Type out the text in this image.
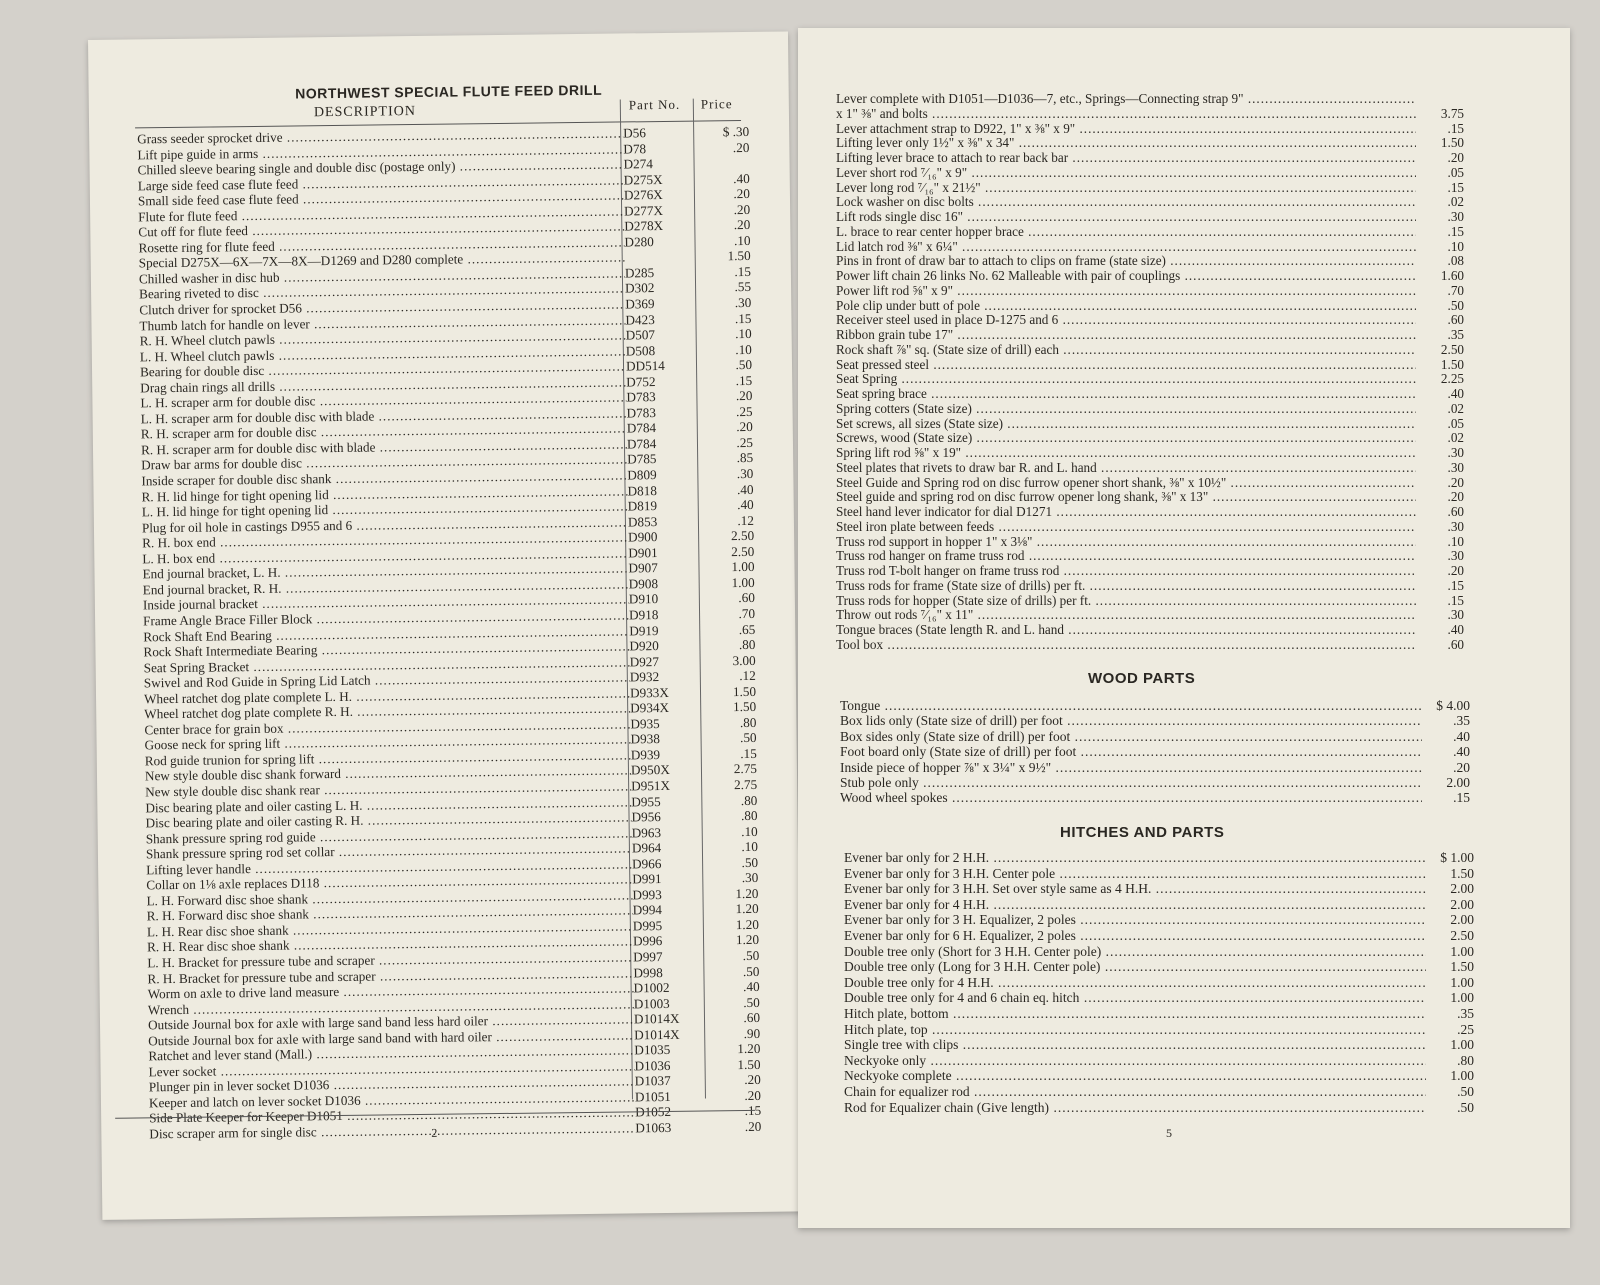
NORTHWEST SPECIAL FLUTE FEED DRILL
DESCRIPTION	Part No. Price
Grass seeder sprocket drive .....	D56	$ .30
Lift pipe guide in arms .....	D78	.20
Chilled sleeve bearing single and double disc (postage only) .....	D274
Large side feed case flute feed .....	D275X	.40
Small side feed case flute feed .....	D276X	.20
Flute for flute feed .....	D277X	.20
Cut off for flute feed .....	D278X	.20
Rosette ring for flute feed .....	D280	.10
Special D275X—6X—7X—8X—D1269 and D280 complete .....	1.50
Chilled washer in disc hub .....	D285	.15
Bearing riveted to disc .....	D302	.55
Clutch driver for sprocket D56 .....	D369	.30
Thumb latch for handle on lever .....	D423	.15
R. H. Wheel clutch pawls .....	D507	.10
L. H. Wheel clutch pawls .....	D508	.10
Bearing for double disc .....	DD514	.50
Drag chain rings all drills .....	D752	.15
L. H. scraper arm for double disc .....	D783	.20
L. H. scraper arm for double disc with blade .....	D783	.25
R. H. scraper arm for double disc .....	D784	.20
R. H. scraper arm for double disc with blade .....	D784	.25
Draw bar arms for double disc .....	D785	.85
Inside scraper for double disc shank .....	D809	.30
R. H. lid hinge for tight opening lid .....	D818	.40
L. H. lid hinge for tight opening lid .....	D819	.40
Plug for oil hole in castings D955 and 6 .....	D853	.12
R. H. box end .....	D900	2.50
L. H. box end .....	D901	2.50
End journal bracket, L. H. .....	D907	1.00
End journal bracket, R. H. .....	D908	1.00
Inside journal bracket .....	D910	.60
Frame Angle Brace Filler Block .....	D918	.70
Rock Shaft End Bearing .....	D919	.65
Rock Shaft Intermediate Bearing .....	D920	.80
Seat Spring Bracket .....	D927	3.00
Swivel and Rod Guide in Spring Lid Latch .....	D932	.12
Wheel ratchet dog plate complete L. H. .....	D933X	1.50
Wheel ratchet dog plate complete R. H. .....	D934X	1.50
Center brace for grain box .....	D935	.80
Goose neck for spring lift .....	D938	.50
Rod guide trunion for spring lift .....	D939	.15
New style double disc shank forward .....	D950X	2.75
New style double disc shank rear .....	D951X	2.75
Disc bearing plate and oiler casting L. H. .....	D955	.80
Disc bearing plate and oiler casting R. H. .....	D956	.80
Shank pressure spring rod guide .....	D963	.10
Shank pressure spring rod set collar .....	D964	.10
Lifting lever handle .....	D966	.50
Collar on 1⅛ axle replaces D118 .....	D991	.30
L. H. Forward disc shoe shank .....	D993	1.20
R. H. Forward disc shoe shank .....	D994	1.20
L. H. Rear disc shoe shank .....	D995	1.20
R. H. Rear disc shoe shank .....	D996	1.20
L. H. Bracket for pressure tube and scraper .....	D997	.50
R. H. Bracket for pressure tube and scraper .....	D998	.50
Worm on axle to drive land measure .....	D1002	.40
Wrench .....	D1003	.50
Outside Journal box for axle with large sand band less hard oiler .....	D1014X	.60
Outside Journal box for axle with large sand band with hard oiler .....	D1014X	.90
Ratchet and lever stand (Mall.) .....	D1035	1.20
Lever socket .....	D1036	1.50
Plunger pin in lever socket D1036 .....	D1037	.20
Keeper and latch on lever socket D1036 .....	D1051	.20
Side Plate Keeper for Keeper D1051 .....	D1052	.15
Disc scraper arm for single disc .....	D1063	.20
2
Lever complete with D1051—D1036—7, etc., Springs—Connecting strap 9" .....
x 1" ⅜" and bolts .....	3.75
Lever attachment strap to D922, 1" x ⅜" x 9" .....	.15
Lifting lever only 1½" x ⅜" x 34" .....	1.50
Lifting lever brace to attach to rear back bar .....	.20
Lever short rod ⁷⁄₁₆" x 9" .....	.05
Lever long rod ⁷⁄₁₆" x 21½" .....	.15
Lock washer on disc bolts .....	.02
Lift rods single disc 16" .....	.30
L. brace to rear center hopper brace .....	.15
Lid latch rod ⅜" x 6¼" .....	.10
Pins in front of draw bar to attach to clips on frame (state size) .....	.08
Power lift chain 26 links No. 62 Malleable with pair of couplings .....	1.60
Power lift rod ⅝" x 9" .....	.70
Pole clip under butt of pole .....	.50
Receiver steel used in place D-1275 and 6 .....	.60
Ribbon grain tube 17" .....	.35
Rock shaft ⅞" sq. (State size of drill) each .....	2.50
Seat pressed steel .....	1.50
Seat Spring .....	2.25
Seat spring brace .....	.40
Spring cotters (State size) .....	.02
Set screws, all sizes (State size) .....	.05
Screws, wood (State size) .....	.02
Spring lift rod ⅝" x 19" .....	.30
Steel plates that rivets to draw bar R. and L. hand .....	.30
Steel Guide and Spring rod on disc furrow opener short shank, ⅜" x 10½" .....	.20
Steel guide and spring rod on disc furrow opener long shank, ⅜" x 13" .....	.20
Steel hand lever indicator for dial D1271 .....	.60
Steel iron plate between feeds .....	.30
Truss rod support in hopper 1" x 3⅛" .....	.10
Truss rod hanger on frame truss rod .....	.30
Truss rod T-bolt hanger on frame truss rod .....	.20
Truss rods for frame (State size of drills) per ft. .....	.15
Truss rods for hopper (State size of drills) per ft. .....	.15
Throw out rods ⁷⁄₁₆" x 11" .....	.30
Tongue braces (State length R. and L. hand .....	.40
Tool box .....	.60
WOOD PARTS
Tongue .....	$ 4.00
Box lids only (State size of drill) per foot .....	.35
Box sides only (State size of drill) per foot .....	.40
Foot board only (State size of drill) per foot .....	.40
Inside piece of hopper ⅞" x 3¼" x 9½" .....	.20
Stub pole only .....	2.00
Wood wheel spokes .....	.15
HITCHES AND PARTS
Evener bar only for 2 H.H. .....	$ 1.00
Evener bar only for 3 H.H. Center pole .....	1.50
Evener bar only for 3 H.H. Set over style same as 4 H.H. .....	2.00
Evener bar only for 4 H.H. .....	2.00
Evener bar only for 3 H. Equalizer, 2 poles .....	2.00
Evener bar only for 6 H. Equalizer, 2 poles .....	2.50
Double tree only (Short for 3 H.H. Center pole) .....	1.00
Double tree only (Long for 3 H.H. Center pole) .....	1.50
Double tree only for 4 H.H. .....	1.00
Double tree only for 4 and 6 chain eq. hitch .....	1.00
Hitch plate, bottom .....	.35
Hitch plate, top .....	.25
Single tree with clips .....	1.00
Neckyoke only .....	.80
Neckyoke complete .....	1.00
Chain for equalizer rod .....	.50
Rod for Equalizer chain (Give length) .....	.50
5
